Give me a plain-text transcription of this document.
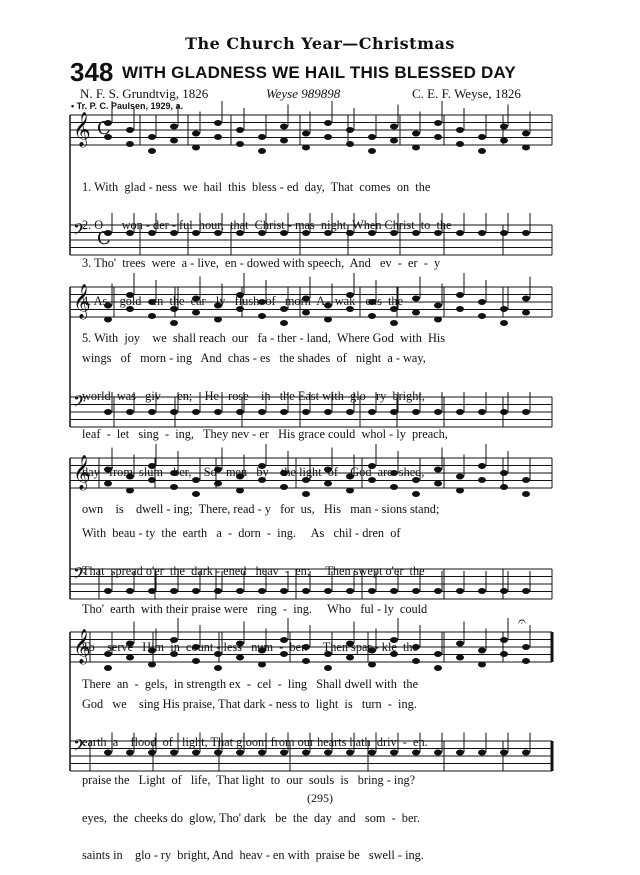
The Church Year—Christmas
348 WITH GLADNESS WE HAIL THIS BLESSED DAY
N. F. S. Grundtvig, 1826	Weyse 989898	C. E. F. Weyse, 1826
• Tr. P. C. Paulsen, 1929, a.
𝄞
𝄢
C
C
𝄞
𝄢
𝄞
𝄢
𝄞
𝄢
𝄐

1. With  glad - ness  we  hail  this  bless - ed  day,  That  comes  on  the

2. O      won - der - ful  hour,  that  Christ - mas  night, When Christ  to  the

3. Tho'  trees  were  a - live,  en - dowed with speech,  And   ev  -  er  -  y

4. As    gold - en  the  ear - ly   flush  of   morn  A - wak - ens  the

5. With  joy    we  shall reach  our   fa - ther - land,  Where God  with  His

wings   of   morn - ing   And  chas - es   the shades  of   night  a - way,

world  was   giv  -  en;    He   rose    in   the East with  glo - ry  bright,

leaf  -  let   sing  -  ing,   They nev - er   His grace could  whol - ly  preach,

day   from  slum - ber,    So   men   by    the light  of    God  are  shed,

own    is    dwell - ing;  There, read - y   for  us,   His   man - sions stand;

With  beau - ty  the  earth   a  -  dorn  -  ing.     As   chil - dren  of

That  spread o'er  the  dark - ened   heav  -  en;     Then swept o'er  the

Tho'  earth  with their praise were   ring  -  ing.     Who   ful - ly  could

To    serve   Him  in  count - less   num  -  ber.     Then spar - kle  the

There  an  -  gels,  in strength ex  -  cel  -  ling   Shall dwell with  the

God   we    sing His praise, That dark - ness to  light  is   turn  -  ing.

earth  a    flood  of   light, That gloom from our hearts hath  driv  -  en.

praise the   Light  of   life,  That light  to  our  souls  is   bring - ing?

eyes,  the  cheeks do  glow, Tho' dark   be  the  day  and   som  -  ber.

saints in    glo - ry  bright, And  heav - en with  praise be   swell - ing.

(295)
